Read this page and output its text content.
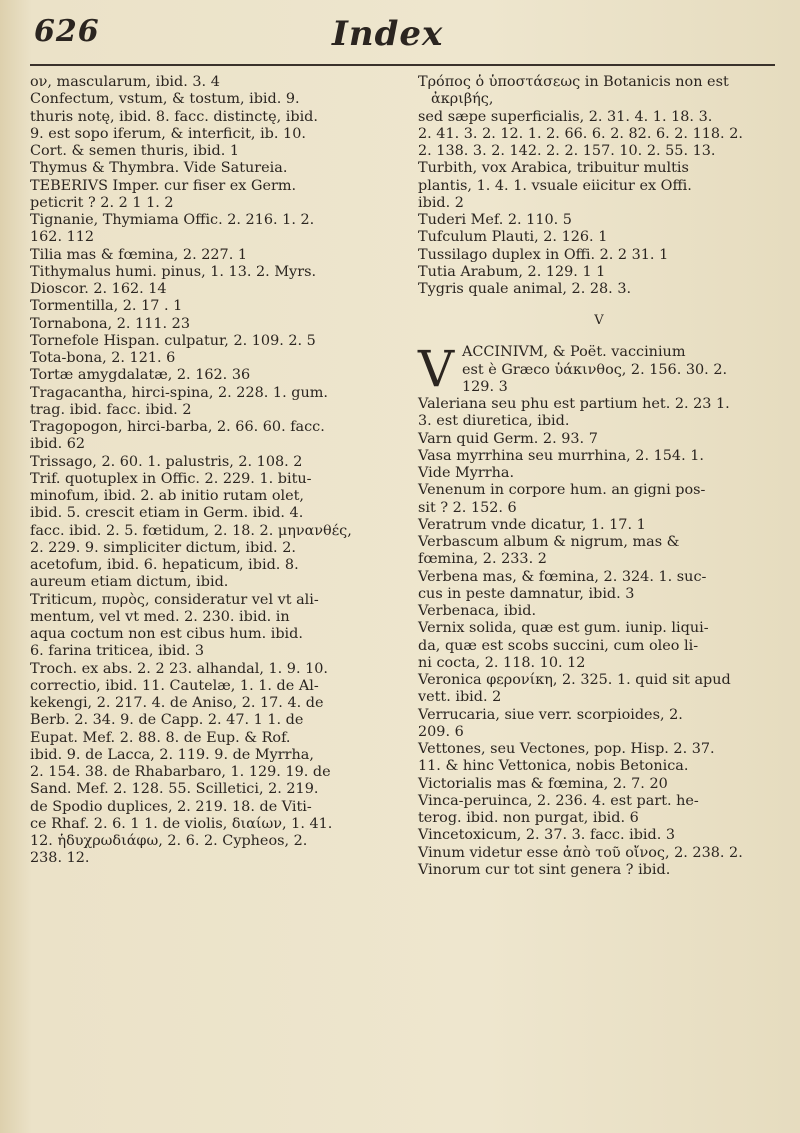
626	Index
ον, mascularum, ibid. 3. 4
Confectum, vstum, & tostum, ibid. 9.
thuris notę, ibid. 8. facc. distinctę, ibid.
9. est sopo iferum, & interficit, ib. 10.
Cort. & semen thuris, ibid. 1
Thymus & Thymbra. Vide Satureia.
TEBERIVS Imper. cur fiser ex Germ.
peticrit ? 2. 2 1 1. 2
Tignanie, Thymiama Offic. 2. 216. 1. 2.
162. 112
Tilia mas & fœmina, 2. 227. 1
Tithymalus humi. pinus, 1. 13. 2. Myrs.
Dioscor. 2. 162. 14
Tormentilla, 2. 17 . 1
Tornabona, 2. 111. 23
Tornefole Hispan. culpatur, 2. 109. 2. 5
Tota-bona, 2. 121. 6
Tortæ amygdalatæ, 2. 162. 36
Tragacantha, hirci-spina, 2. 228. 1. gum.
trag. ibid. facc. ibid. 2
Tragopogon, hirci-barba, 2. 66. 60. facc.
ibid. 62
Trissago, 2. 60. 1. palustris, 2. 108. 2
Trif. quotuplex in Offic. 2. 229. 1. bitu-
minofum, ibid. 2. ab initio rutam olet,
ibid. 5. crescit etiam in Germ. ibid. 4.
facc. ibid. 2. 5. fœtidum, 2. 18. 2. μηνανθές,
2. 229. 9. simpliciter dictum, ibid. 2.
acetofum, ibid. 6. hepaticum, ibid. 8.
aureum etiam dictum, ibid.
Triticum, πυρὸς, consideratur vel vt ali-
mentum, vel vt med. 2. 230. ibid. in
aqua coctum non est cibus hum. ibid.
6. farina triticea, ibid. 3
Troch. ex abs. 2. 2 23. alhandal, 1. 9. 10.
correctio, ibid. 11. Cautelæ, 1. 1. de Al-
kekengi, 2. 217. 4. de Aniso, 2. 17. 4. de
Berb. 2. 34. 9. de Capp. 2. 47. 1 1. de
Eupat. Mef. 2. 88. 8. de Eup. & Rof.
ibid. 9. de Lacca, 2. 119. 9. de Myrrha,
2. 154. 38. de Rhabarbaro, 1. 129. 19. de
Sand. Mef. 2. 128. 55. Scilletici, 2. 219.
de Spodio duplices, 2. 219. 18. de Viti-
ce Rhaf. 2. 6. 1 1. de violis, διαίων, 1. 41.
12. ἡδυχρωδιάφω, 2. 6. 2. Cypheos, 2.
238. 12.
Τρόπος ὁ ὑποστάσεως in Botanicis non est ἀκριβής,
sed sæpe superficialis, 2. 31. 4. 1. 18. 3.
2. 41. 3. 2. 12. 1. 2. 66. 6. 2. 82. 6. 2. 118. 2.
2. 138. 3. 2. 142. 2. 2. 157. 10. 2. 55. 13.
Turbith, vox Arabica, tribuitur multis
plantis, 1. 4. 1. vsuale eiicitur ex Offi.
ibid. 2
Tuderi Mef. 2. 110. 5
Tufculum Plauti, 2. 126. 1
Tussilago duplex in Offi. 2. 2 31. 1
Tutia Arabum, 2. 129. 1 1
Tygris quale animal, 2. 28. 3.
V
V ACCINIVM, & Poët. vaccinium
est è Græco ὑάκινθος, 2. 156. 30. 2.
129. 3
Valeriana seu phu est partium het. 2. 23 1.
3. est diuretica, ibid.
Varn quid Germ. 2. 93. 7
Vasa myrrhina seu murrhina, 2. 154. 1.
Vide Myrrha.
Venenum in corpore hum. an gigni pos-
sit ? 2. 152. 6
Veratrum vnde dicatur, 1. 17. 1
Verbascum album & nigrum, mas &
fœmina, 2. 233. 2
Verbena mas, & fœmina, 2. 324. 1. suc-
cus in peste damnatur, ibid. 3
Verbenaca, ibid.
Vernix solida, quæ est gum. iunip. liqui-
da, quæ est scobs succini, cum oleo li-
ni cocta, 2. 118. 10. 12
Veronica φερονίκη, 2. 325. 1. quid sit apud
vett. ibid. 2
Verrucaria, siue verr. scorpioides, 2.
209. 6
Vettones, seu Vectones, pop. Hisp. 2. 37.
11. & hinc Vettonica, nobis Betonica.
Victorialis mas & fœmina, 2. 7. 20
Vinca-peruinca, 2. 236. 4. est part. he-
terog. ibid. non purgat, ibid. 6
Vincetoxicum, 2. 37. 3. facc. ibid. 3
Vinum videtur esse ἀπὸ τοῦ οἴνος, 2. 238. 2.
Vinorum cur tot sint genera ? ibid.
